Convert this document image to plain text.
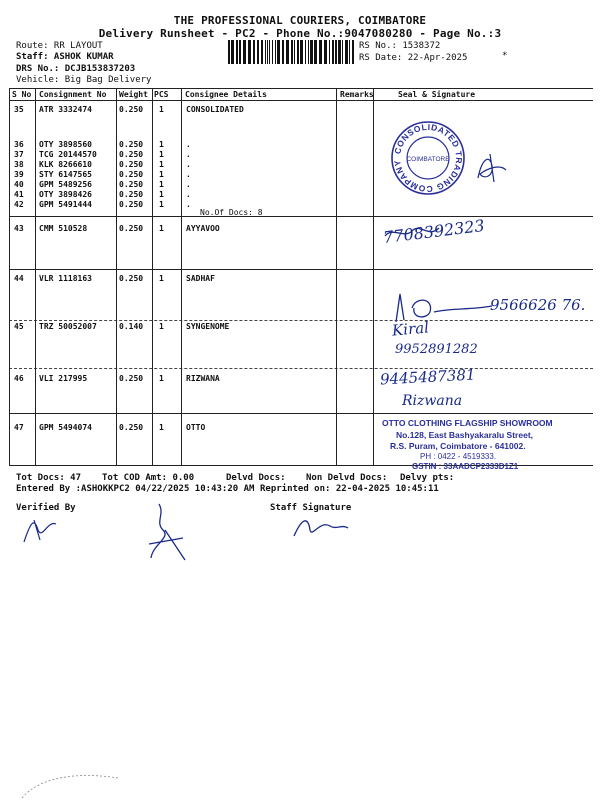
THE PROFESSIONAL COURIERS, COIMBATORE
Delivery Runsheet - PC2 - Phone No.:9047080280 - Page No.:3
Route: RR LAYOUT
Staff: ASHOK KUMAR
DRS No.: DCJB153837203
Vehicle: Big Bag Delivery
RS No.: 1538372
RS Date: 22-Apr-2025	*
S No Consignment No Weight PCS Consignee Details	Remarks	Seal & Signature
35 ATR 3332474	0.250 1	CONSOLIDATED
36 OTY 3898560	0.250 1	.
37 TCG 20144570	0.250 1	.
38 KLK 8266610	0.250 1	.
39 STY 6147565	0.250 1	.
40 GPM 5489256	0.250 1	.
41 OTY 3898426	0.250 1	.
42 GPM 5491444	0.250 1	.
43 CMM 510528	0.250 1	AYYAVOO
44 VLR 1118163	0.250 1	SADHAF
45 TRZ 50052007	0.140 1	SYNGENOME
46 VLI 217995	0.250 1	RIZWANA
47 GPM 5494074	0.250 1	OTTO
No.Of Docs: 8
CONSOLIDATED TRADING COMPANY COIMBATORE
7708392323
9566626 76.
Kiral
9952891282
9445487381
Rizwana
OTTO CLOTHING FLAGSHIP SHOWROOM
No.128, East Bashyakaralu Street,
R.S. Puram, Coimbatore - 641002.
PH : 0422 - 4519333.
GSTIN : 33AADCP2333D1Z1
Tot Docs: 47 Tot COD Amt: 0.00	Delvd Docs: Non Delvd Docs: Delvy pts:
Entered By :ASHOKKPC2 04/22/2025 10:43:20 AM Reprinted on: 22-04-2025 10:45:11
Verified By	Staff Signature
